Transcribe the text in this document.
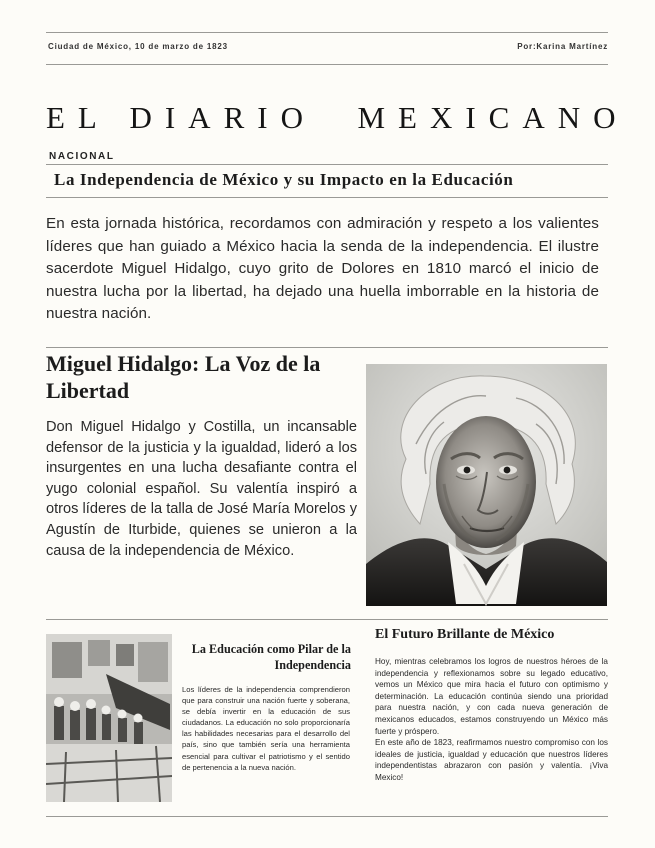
Ciudad de México, 10 de marzo de 1823	Por:Karina Martínez
EL DIARIO  MEXICANO
NACIONAL
La Independencia de México y su Impacto en la Educación
En esta jornada histórica, recordamos con admiración y respeto a los valientes líderes que han guiado a México hacia la senda de la independencia. El ilustre sacerdote Miguel Hidalgo, cuyo grito de Dolores en 1810 marcó el inicio de nuestra lucha por la libertad, ha dejado una huella imborrable en la historia de nuestra nación.
Miguel Hidalgo: La Voz de la Libertad
Don Miguel Hidalgo y Costilla, un incansable defensor de la justicia y la igualdad, lideró a los insurgentes en una lucha desafiante contra el yugo colonial español. Su valentía inspiró a otros líderes de la talla de José María Morelos y Agustín de Iturbide, quienes se unieron a la causa de la independencia de México.
La Educación como Pilar de la Independencia
Los líderes de la independencia comprendieron que para construir una nación fuerte y soberana, se debía invertir en la educación de sus ciudadanos. La educación no solo proporcionaría las habilidades necesarias para el desarrollo del país, sino que también sería una herramienta esencial para cultivar el patriotismo y el sentido de pertenencia a la nueva nación.
El Futuro Brillante de México
Hoy, mientras celebramos los logros de nuestros héroes de la independencia y reflexionamos sobre su legado educativo, vemos un México que mira hacia el futuro con optimismo y determinación. La educación continúa siendo una prioridad para nuestra nación, y con cada nueva generación de mexicanos educados, estamos construyendo un México más fuerte y próspero.
En este año de 1823, reafirmamos nuestro compromiso con los ideales de justicia, igualdad y educación que nuestros líderes independentistas abrazaron con pasión y valentía. ¡Viva Mexico!
